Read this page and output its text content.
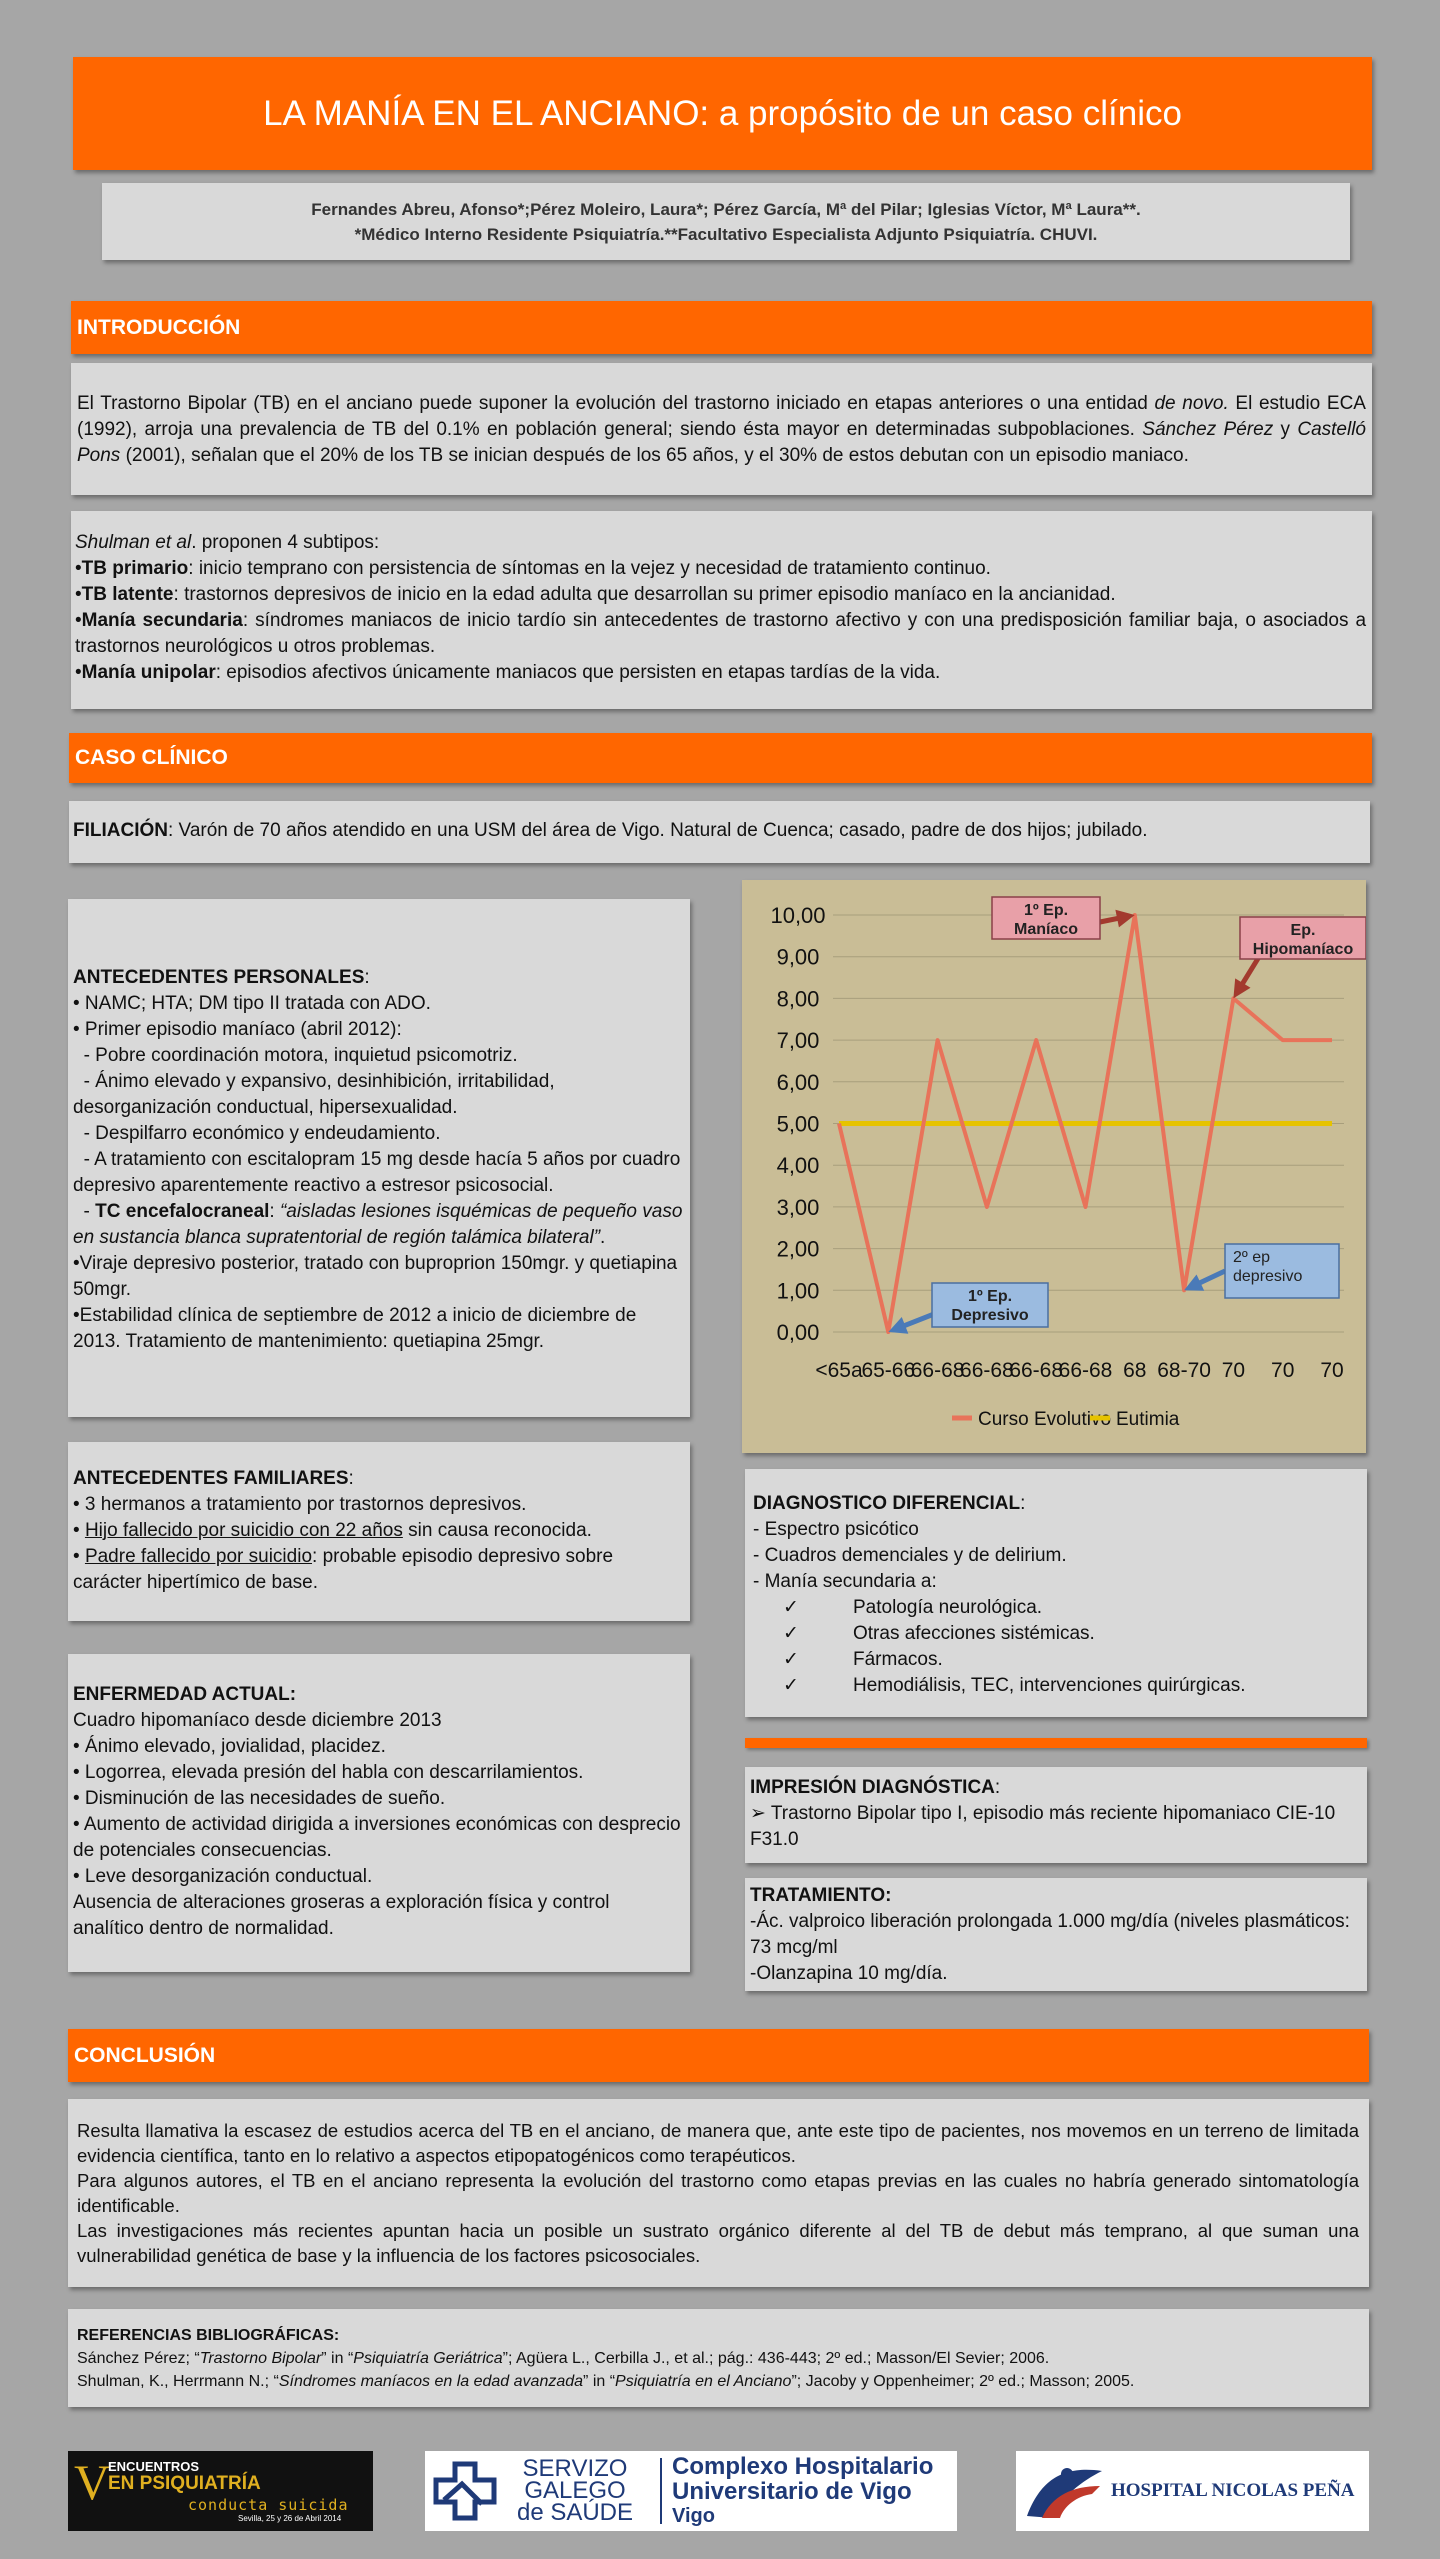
LA MANÍA EN EL ANCIANO: a propósito de un caso clínico
Fernandes Abreu, Afonso*;Pérez Moleiro, Laura*; Pérez García, Mª del Pilar; Iglesias Víctor, Mª Laura**.
*Médico Interno Residente Psiquiatría.**Facultativo Especialista Adjunto Psiquiatría. CHUVI.
INTRODUCCIÓN
El Trastorno Bipolar (TB) en el anciano puede suponer la evolución del trastorno iniciado en etapas anteriores o una entidad de novo. El estudio ECA (1992), arroja una prevalencia de TB del 0.1% en población general; siendo ésta mayor en determinadas subpoblaciones. Sánchez Pérez y Castelló Pons (2001), señalan que el 20% de los TB se inician después de los 65 años, y el 30% de estos debutan con un episodio maniaco.
Shulman et al. proponen 4 subtipos:
•TB primario: inicio temprano con persistencia de síntomas en la vejez y necesidad de tratamiento continuo.
•TB latente: trastornos depresivos de inicio en la edad adulta que desarrollan su primer episodio maníaco en la ancianidad.
•Manía secundaria: síndromes maniacos de inicio tardío sin antecedentes de trastorno afectivo y con una predisposición familiar baja, o asociados a trastornos neurológicos u otros problemas.
•Manía unipolar: episodios afectivos únicamente maniacos que persisten en etapas tardías de la vida.
CASO CLÍNICO
FILIACIÓN: Varón de 70 años atendido en una USM del área de Vigo. Natural de Cuenca; casado, padre de dos hijos; jubilado.
ANTECEDENTES PERSONALES:
• NAMC; HTA; DM tipo II tratada con ADO.
• Primer episodio maníaco (abril 2012):
- Pobre coordinación motora, inquietud psicomotriz.
- Ánimo elevado y expansivo, desinhibición, irritabilidad, desorganización conductual, hipersexualidad.
- Despilfarro económico y endeudamiento.
- A tratamiento con escitalopram 15 mg desde hacía 5 años por cuadro depresivo aparentemente reactivo a estresor psicosocial.
- TC encefalocraneal: “aisladas lesiones isquémicas de pequeño vaso en sustancia blanca supratentorial de región talámica bilateral”.
•Viraje depresivo posterior, tratado con buproprion 150mgr. y quetiapina 50mgr.
•Estabilidad clínica de septiembre de 2012 a inicio de diciembre de 2013. Tratamiento de mantenimiento: quetiapina 25mgr.	0,00
1,00
2,00
3,00
4,00
5,00
6,00
7,00
8,00
9,00
10,00
<65a
65-66
66-68
66-68
66-68
66-68 68 68-70 70 70 70
1º Ep.
Maníaco	Ep.
Hipomaníaco
1º Ep.
Depresivo
2º ep
depresivo
Curso Evolutivo Eutimia
ANTECEDENTES FAMILIARES:
• 3 hermanos a tratamiento por trastornos depresivos.
• Hijo fallecido por suicidio con 22 años sin causa reconocida.
• Padre fallecido por suicidio: probable episodio depresivo sobre carácter hipertímico de base.
DIAGNOSTICO DIFERENCIAL:
- Espectro psicótico
- Cuadros demenciales y de delirium.
- Manía secundaria a:
✓	Patología neurológica.
✓	Otras afecciones sistémicas.
✓	Fármacos.
✓	Hemodiálisis, TEC, intervenciones quirúrgicas.
ENFERMEDAD ACTUAL:
Cuadro hipomaníaco desde diciembre 2013
• Ánimo elevado, jovialidad, placidez.
• Logorrea, elevada presión del habla con descarrilamientos.
• Disminución de las necesidades de sueño.
• Aumento de actividad dirigida a inversiones económicas con desprecio de potenciales consecuencias.
• Leve desorganización conductual.
Ausencia de alteraciones groseras a exploración física y control analítico dentro de normalidad.
IMPRESIÓN DIAGNÓSTICA:
➢ Trastorno Bipolar tipo I, episodio más reciente hipomaniaco CIE-10 F31.0
TRATAMIENTO:
-Ác. valproico liberación prolongada 1.000 mg/día (niveles plasmáticos: 73 mcg/ml
-Olanzapina 10 mg/día.
CONCLUSIÓN
Resulta llamativa la escasez de estudios acerca del TB en el anciano, de manera que, ante este tipo de pacientes, nos movemos en un terreno de limitada evidencia científica, tanto en lo relativo a aspectos etipopatogénicos como terapéuticos.
Para algunos autores, el TB en el anciano representa la evolución del trastorno como etapas previas en las cuales no habría generado sintomatología identificable.
Las investigaciones más recientes apuntan hacia un posible un sustrato orgánico diferente al del TB de debut más temprano, al que suman una vulnerabilidad genética de base y la influencia de los factores psicosociales.
REFERENCIAS BIBLIOGRÁFICAS:
Sánchez Pérez; “Trastorno Bipolar” in “Psiquiatría Geriátrica”; Agüera L., Cerbilla J., et al.; pág.: 436-443; 2º ed.; Masson/El Sevier; 2006.
Shulman, K., Herrmann N.; “Síndromes maníacos en la edad avanzada” in “Psiquiatría en el Anciano”; Jacoby y Oppenheimer; 2º ed.; Masson; 2005.
V
ENCUENTROS
EN PSIQUIATRÍA
conducta suicida
Sevilla, 25 y 26 de Abril 2014
SERVIZO
GALEGO
de SAÚDE
Complexo Hospitalario
Universitario de Vigo
Vigo
HOSPITAL NICOLAS PEÑA
